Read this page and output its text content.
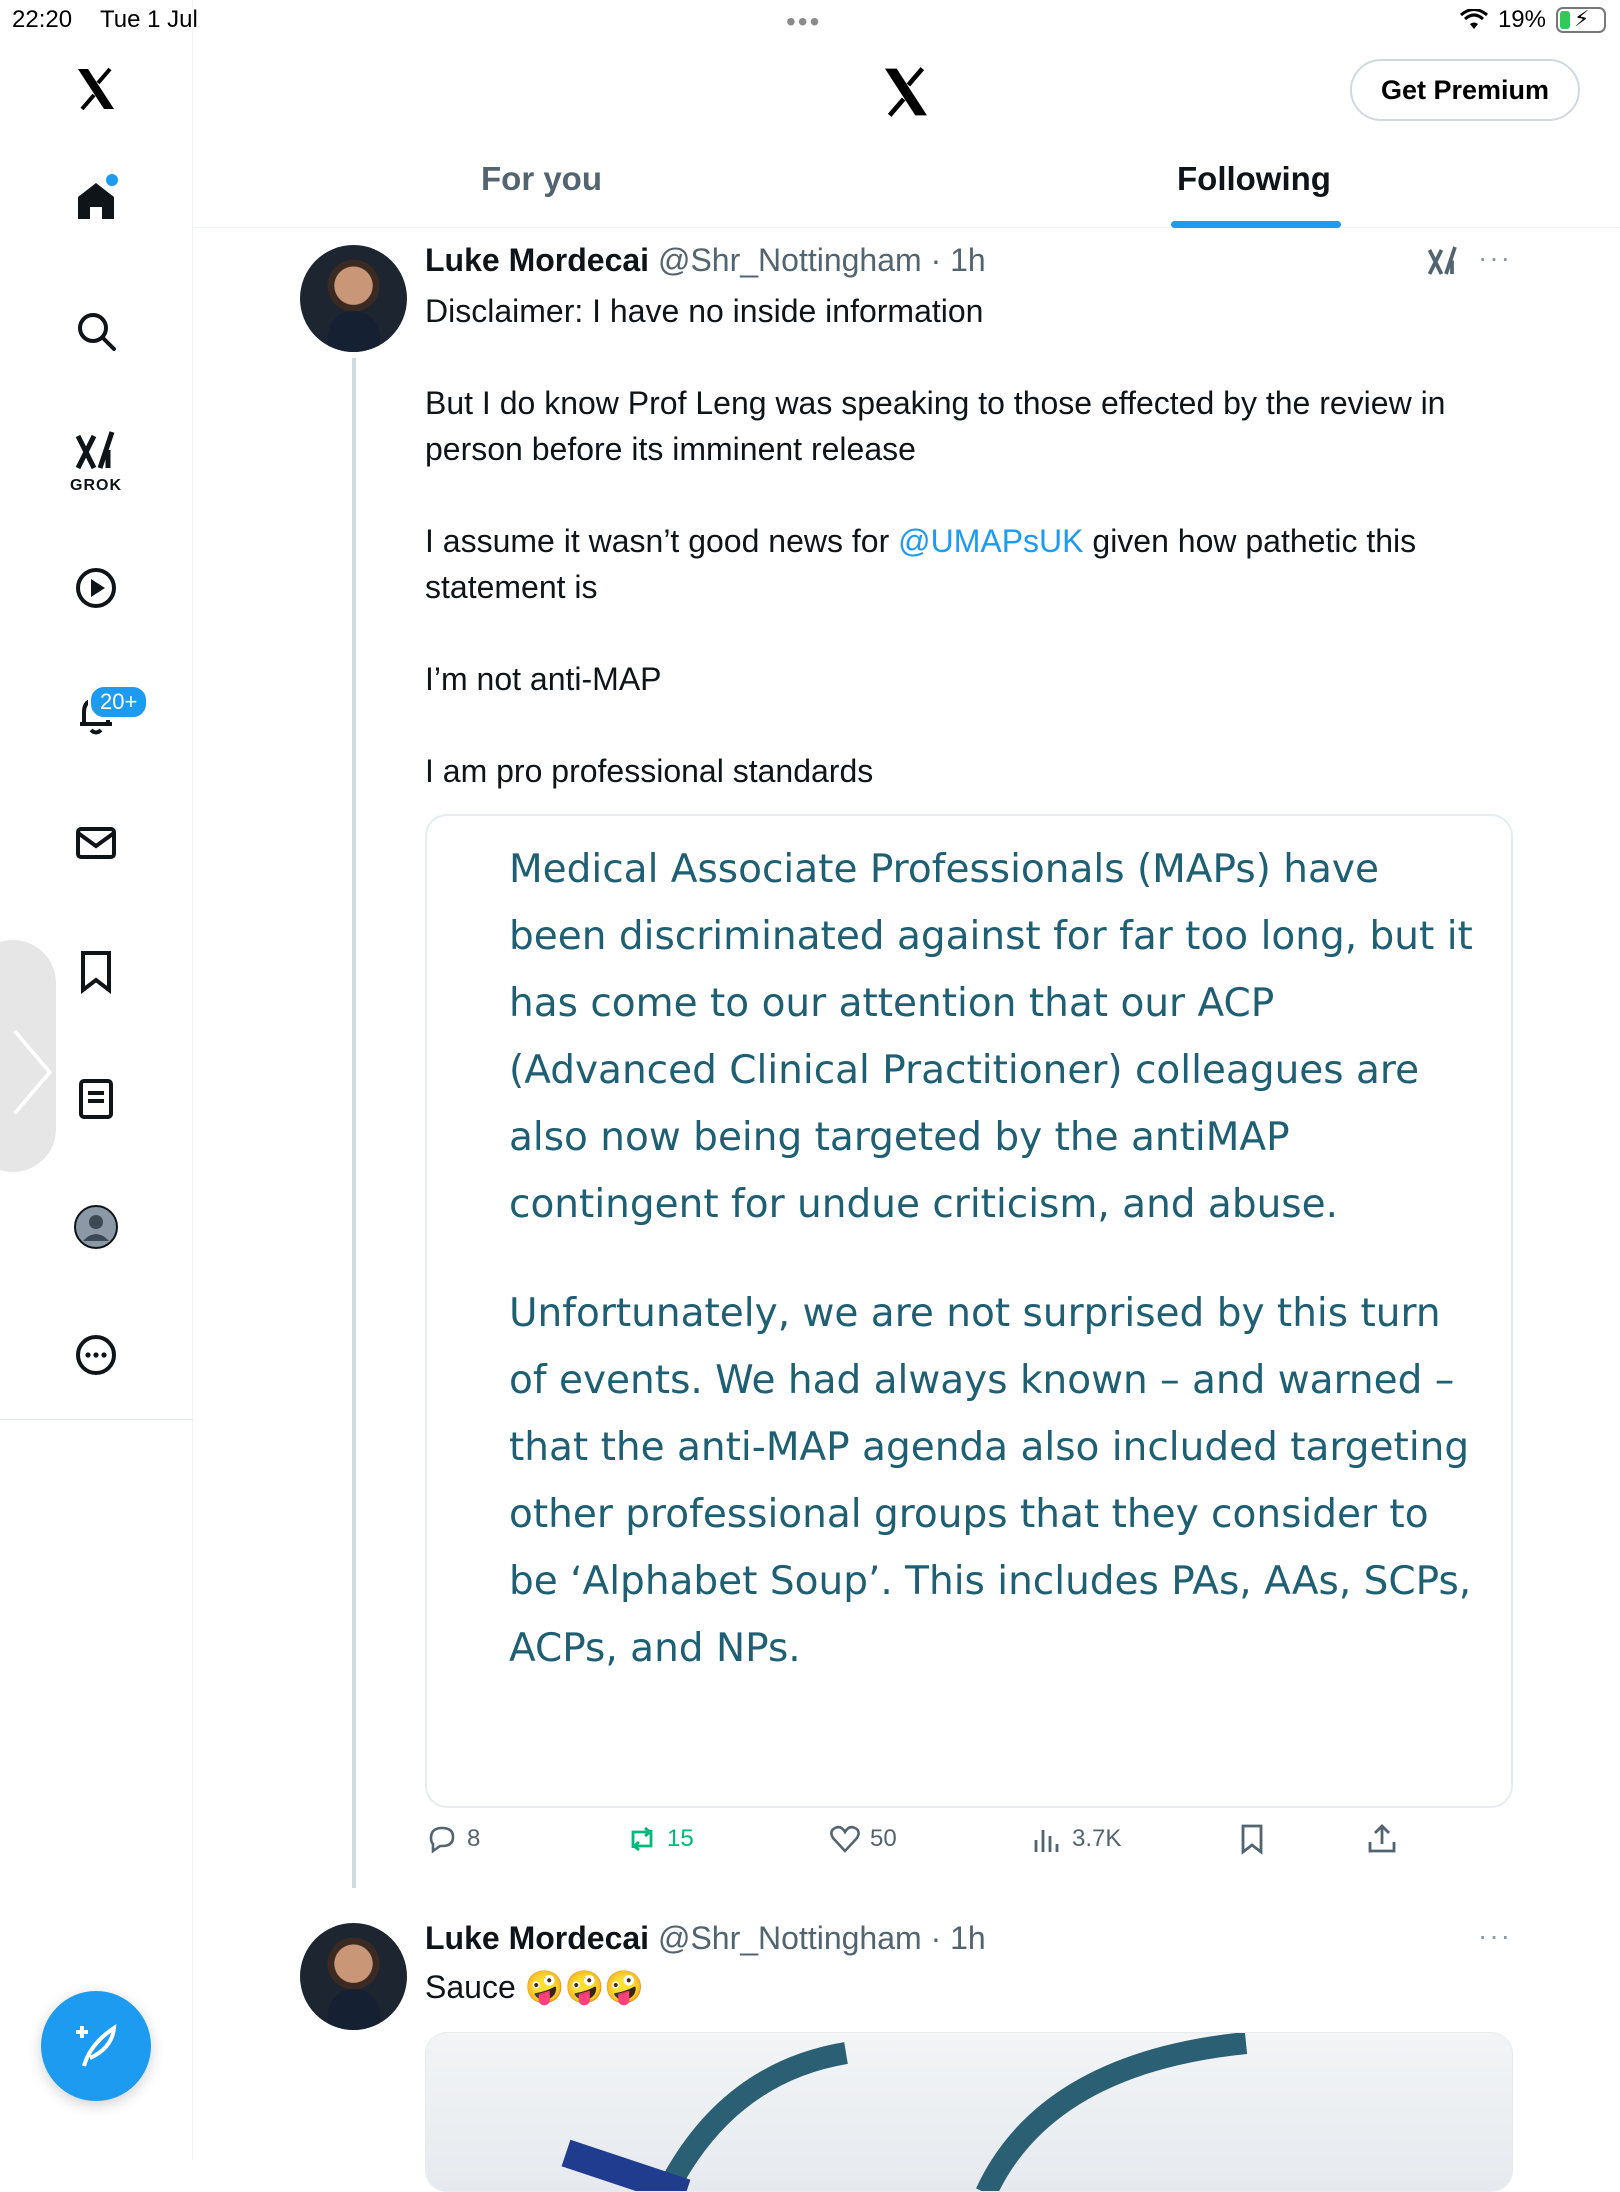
22:20 Tue 1 Jul	•••	19% ⚡
GROK
20+
〉
Get Premium
For you	Following
Luke Mordecai @Shr_Nottingham · 1h	···

Disclaimer: I have no inside information

But I do know Prof Leng was speaking to those effected by the review in person before its imminent release

I assume it wasn’t good news for @UMAPsUK given how pathetic this statement is

I’m not anti-MAP

I am pro professional standards

Medical Associate Professionals (MAPs) have been discriminated against for far too long, but it has come to our attention that our ACP (Advanced Clinical Practitioner) colleagues are also now being targeted by the antiMAP contingent for undue criticism, and abuse.
Unfortunately, we are not surprised by this turn of events. We had always known – and warned – that the anti-MAP agenda also included targeting other professional groups that they consider to be ‘Alphabet Soup’. This includes PAs, AAs, SCPs, ACPs, and NPs.
8	15	50	3.7K
Luke Mordecai @Shr_Nottingham · 1h	···
Sauce 🤪🤪🤪
